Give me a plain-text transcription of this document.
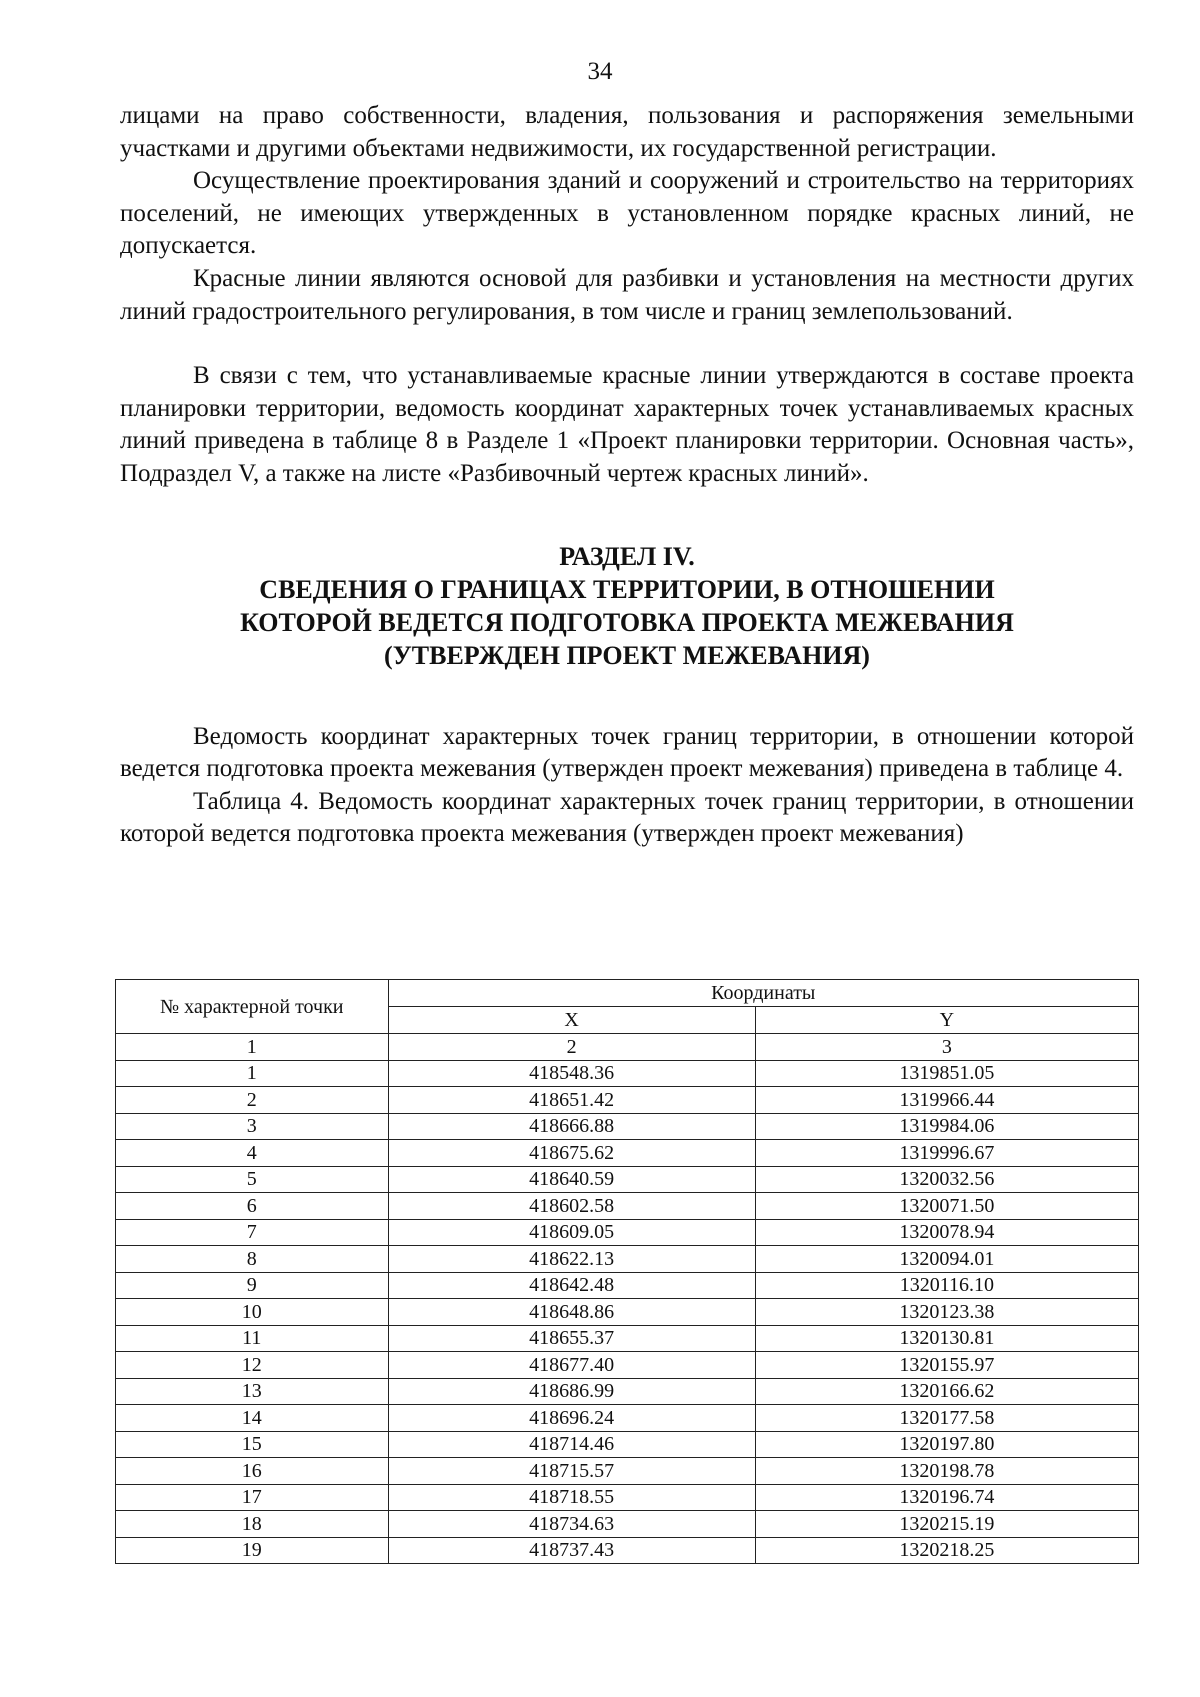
34

лицами на право собственности, владения, пользования и распоряжения земельными участками и другими объектами недвижимости, их государственной регистрации.

Осуществление проектирования зданий и сооружений и строительство на территориях поселений, не имеющих утвержденных в установленном порядке красных линий, не допускается.

Красные линии являются основой для разбивки и установления на местности других линий градостроительного регулирования, в том числе и границ землепользований.

В связи с тем, что устанавливаемые красные линии утверждаются в составе проекта планировки территории, ведомость координат характерных точек устанавливаемых красных линий приведена в таблице 8 в Разделе 1 «Проект планировки территории. Основная часть», Подраздел V, а также на листе «Разбивочный чертеж красных линий».

РАЗДЕЛ IV.
СВЕДЕНИЯ О ГРАНИЦАХ ТЕРРИТОРИИ, В ОТНОШЕНИИ
КОТОРОЙ ВЕДЕТСЯ ПОДГОТОВКА ПРОЕКТА МЕЖЕВАНИЯ
(УТВЕРЖДЕН ПРОЕКТ МЕЖЕВАНИЯ)

Ведомость координат характерных точек границ территории, в отношении которой ведется подготовка проекта межевания (утвержден проект межевания) приведена в таблице 4.

Таблица 4. Ведомость координат характерных точек границ территории, в отношении которой ведется подготовка проекта межевания (утвержден проект межевания)

№ характерной точки	Координаты	
	X	Y
1	2	3
1	418548.36	1319851.05
2	418651.42	1319966.44
3	418666.88	1319984.06
4	418675.62	1319996.67
5	418640.59	1320032.56
6	418602.58	1320071.50
7	418609.05	1320078.94
8	418622.13	1320094.01
9	418642.48	1320116.10
10	418648.86	1320123.38
11	418655.37	1320130.81
12	418677.40	1320155.97
13	418686.99	1320166.62
14	418696.24	1320177.58
15	418714.46	1320197.80
16	418715.57	1320198.78
17	418718.55	1320196.74
18	418734.63	1320215.19
19	418737.43	1320218.25
